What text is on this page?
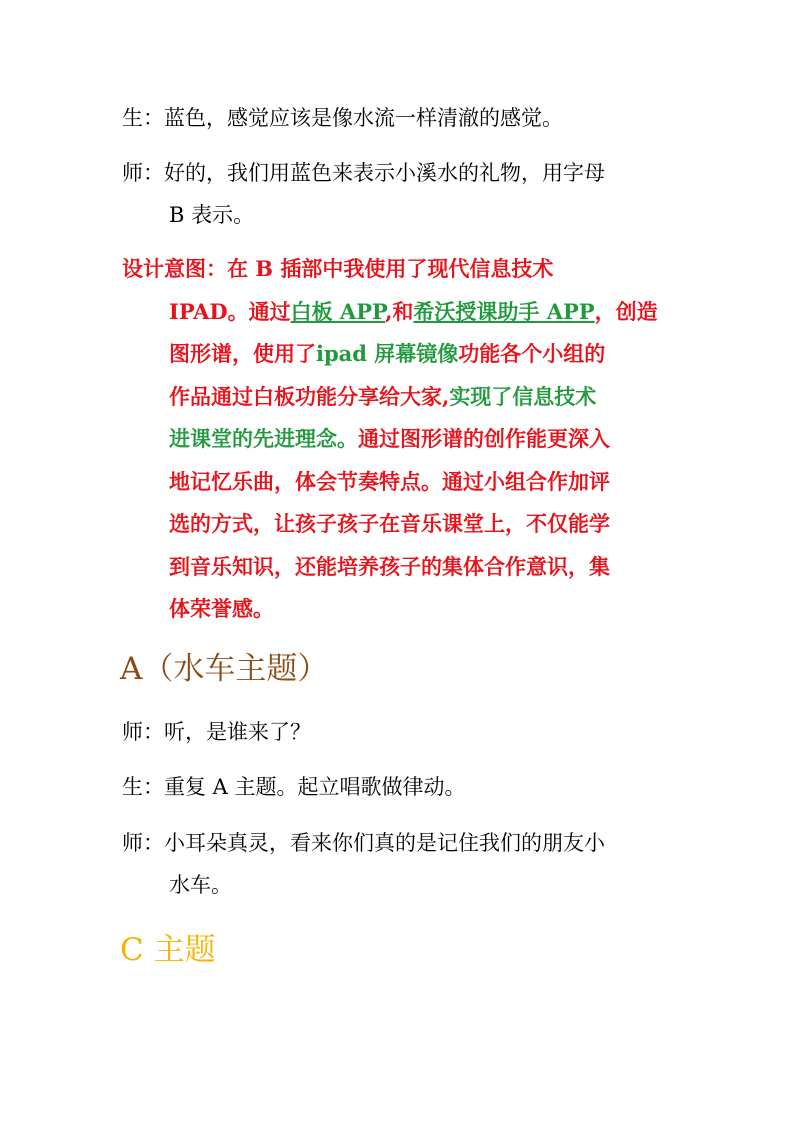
生：蓝色，感觉应该是像水流一样清澈的感觉。
师：好的，我们用蓝色来表示小溪水的礼物，用字母
B 表示。
设计意图：在 B 插部中我使用了现代信息技术
IPAD。通过白板 APP,和希沃授课助手 APP，创造
图形谱，使用了ipad 屏幕镜像功能各个小组的
作品通过白板功能分享给大家,实现了信息技术
进课堂的先进理念。通过图形谱的创作能更深入
地记忆乐曲，体会节奏特点。通过小组合作加评
选的方式，让孩子孩子在音乐课堂上，不仅能学
到音乐知识，还能培养孩子的集体合作意识，集
体荣誉感。
A（水车主题）
师：听，是谁来了？
生：重复 A 主题。起立唱歌做律动。
师：小耳朵真灵，看来你们真的是记住我们的朋友小
水车。
C 主题
